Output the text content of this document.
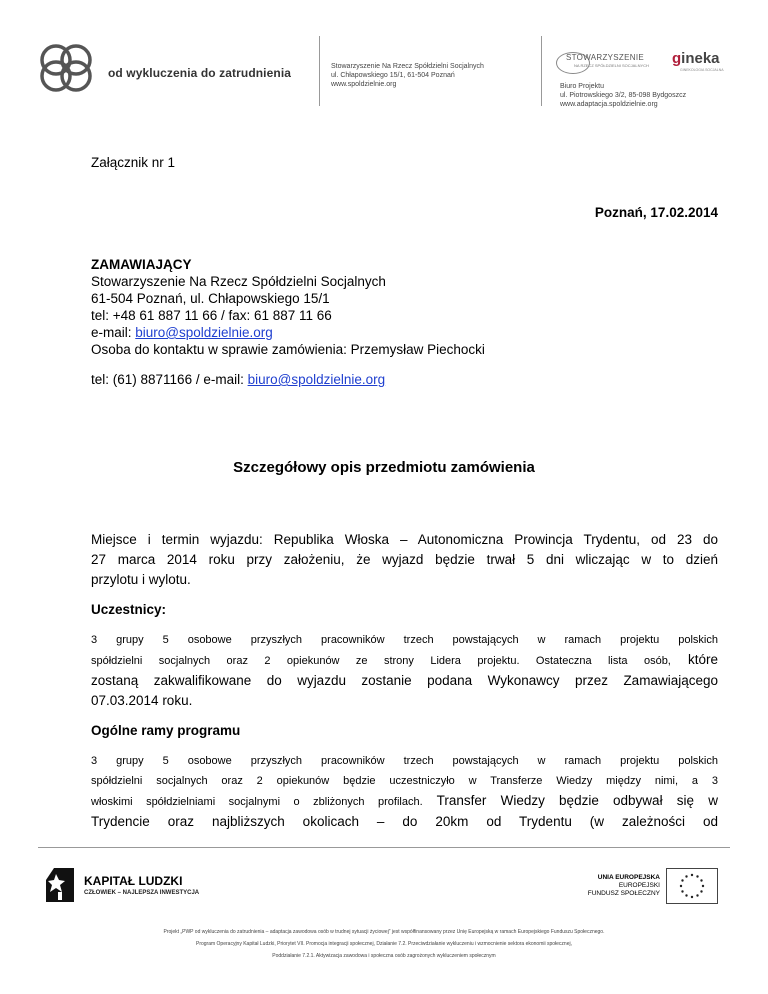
od wykluczenia do zatrudnienia	Stowarzyszenie Na Rzecz Spółdzielni Socjalnych
ul. Chłapowskiego 15/1, 61-504 Poznań
www.spoldzielnie.org
STOWARZYSZENIE
NA RZECZ SPÓŁDZIELNI SOCJALNYCH gineka
GINEKOLOGIA SOCJALNA
Biuro Projektu
ul. Piotrowskiego 3/2, 85-098 Bydgoszcz
www.adaptacja.spoldzielnie.org
Załącznik nr 1
Poznań, 17.02.2014
ZAMAWIAJĄCY
Stowarzyszenie Na Rzecz Spółdzielni Socjalnych
61-504 Poznań, ul. Chłapowskiego 15/1
tel: +48 61 887 11 66 / fax: 61 887 11 66
e-mail: biuro@spoldzielnie.org
Osoba do kontaktu w sprawie zamówienia: Przemysław Piechocki
tel: (61) 8871166 / e-mail: biuro@spoldzielnie.org
Szczegółowy opis przedmiotu zamówienia
Miejsce i termin wyjazdu: Republika Włoska – Autonomiczna Prowincja Trydentu, od 23 do
27 marca 2014 roku przy założeniu, że wyjazd będzie trwał 5 dni wliczając w to dzień
przylotu i wylotu.
Uczestnicy:
3 grupy 5 osobowe przyszłych pracowników trzech powstających w ramach projektu polskich
spółdzielni socjalnych oraz 2 opiekunów ze strony Lidera projektu. Ostateczna lista osób, które
zostaną zakwalifikowane do wyjazdu zostanie podana Wykonawcy przez Zamawiającego
07.03.2014 roku.
Ogólne ramy programu
3 grupy 5 osobowe przyszłych pracowników trzech powstających w ramach projektu polskich
spółdzielni socjalnych oraz 2 opiekunów będzie uczestniczyło w Transferze Wiedzy między nimi, a 3
włoskimi spółdzielniami socjalnymi o zbliżonych profilach. Transfer Wiedzy będzie odbywał się w
Trydencie oraz najbliższych okolicach – do 20km od Trydentu (w zależności od
KAPITAŁ LUDZKI
CZŁOWIEK – NAJLEPSZA INWESTYCJA
UNIA EUROPEJSKA
EUROPEJSKI
FUNDUSZ SPOŁECZNY
Projekt „PWP od wykluczenia do zatrudnienia – adaptacja zawodowa osób w trudnej sytuacji życiowej” jest współfinansowany przez Unię Europejską w ramach Europejskiego Funduszu Społecznego.
Program Operacyjny Kapitał Ludzki, Priorytet VII. Promocja integracji społecznej, Działanie 7.2. Przeciwdziałanie wykluczeniu i wzmocnienie sektora ekonomii społecznej,
Poddziałanie 7.2.1. Aktywizacja zawodowa i społeczna osób zagrożonych wykluczeniem społecznym
